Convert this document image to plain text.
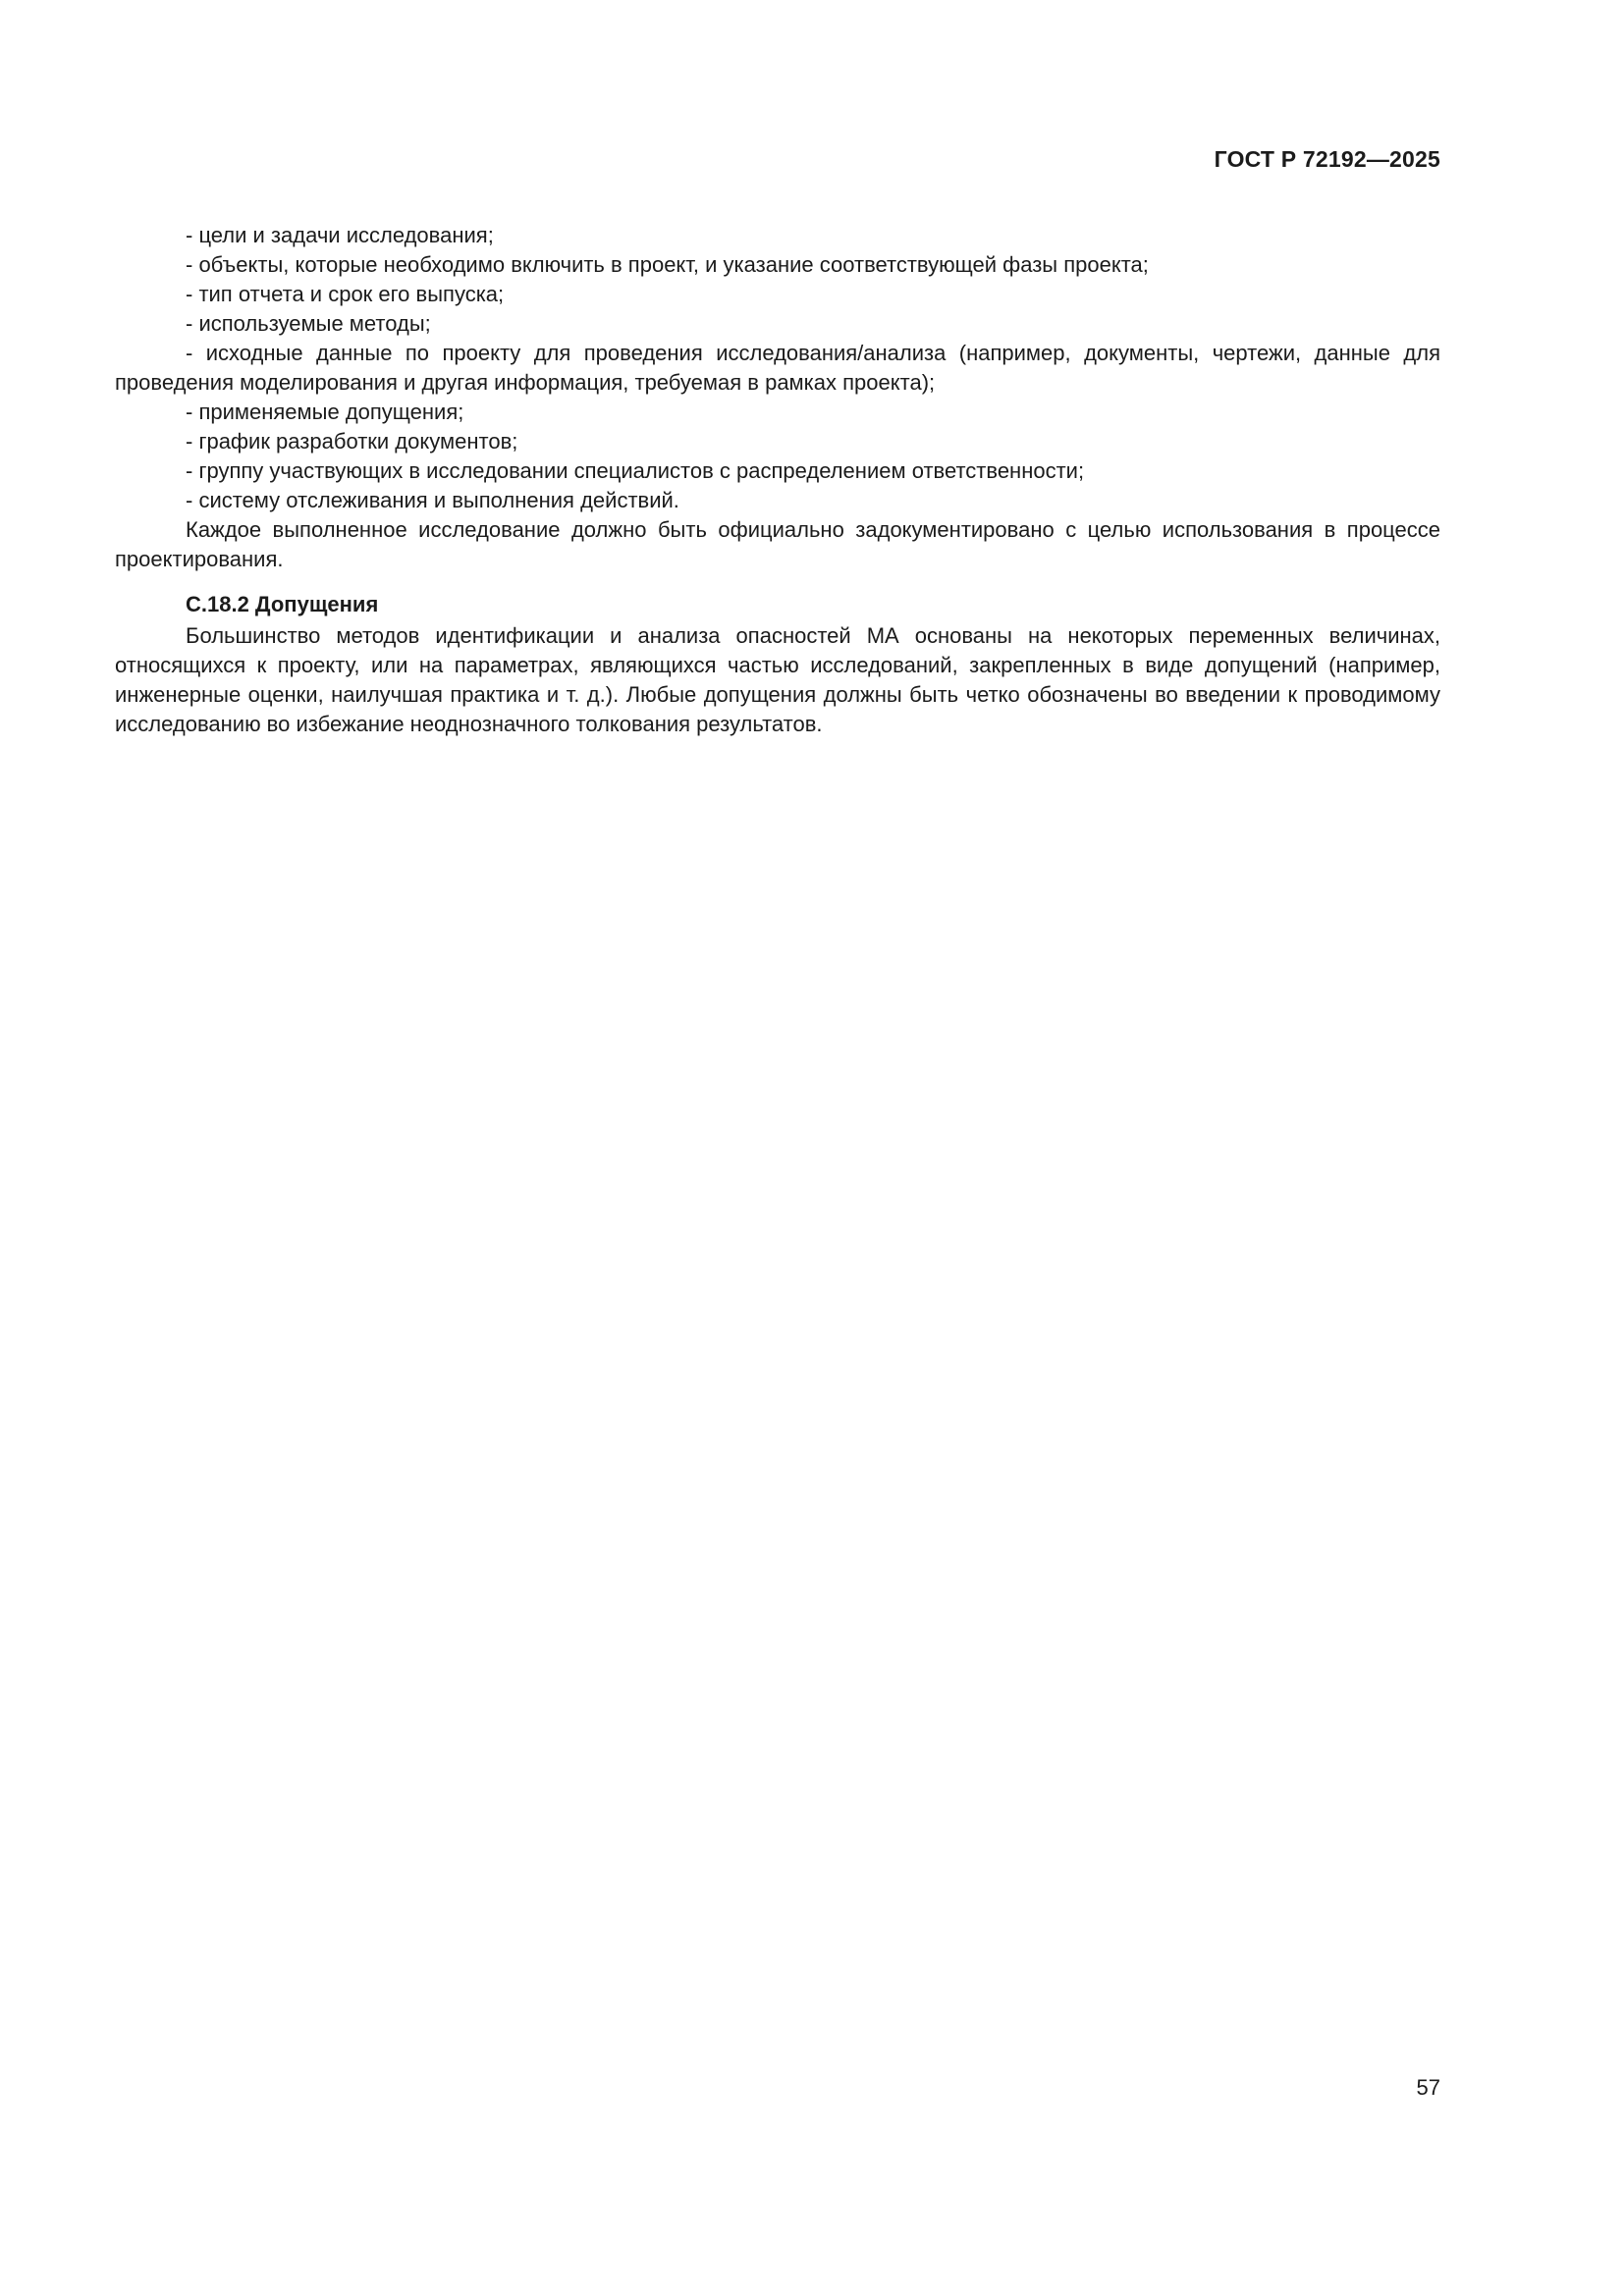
ГОСТ Р 72192—2025

- цели и задачи исследования;

- объекты, которые необходимо включить в проект, и указание соответствующей фазы проекта;

- тип отчета и срок его выпуска;

- используемые методы;

- исходные данные по проекту для проведения исследования/анализа (например, документы, чертежи, данные для проведения моделирования и другая информация, требуемая в рамках проекта);

- применяемые допущения;

- график разработки документов;

- группу участвующих в исследовании специалистов с распределением ответственности;

- систему отслеживания и выполнения действий.

Каждое выполненное исследование должно быть официально задокументировано с целью использования в процессе проектирования.

С.18.2 Допущения

Большинство методов идентификации и анализа опасностей МА основаны на некоторых переменных величинах, относящихся к проекту, или на параметрах, являющихся частью исследований, закрепленных в виде допущений (например, инженерные оценки, наилучшая практика и т. д.). Любые допущения должны быть четко обозначены во введении к проводимому исследованию во избежание неоднозначного толкования результатов.

57
